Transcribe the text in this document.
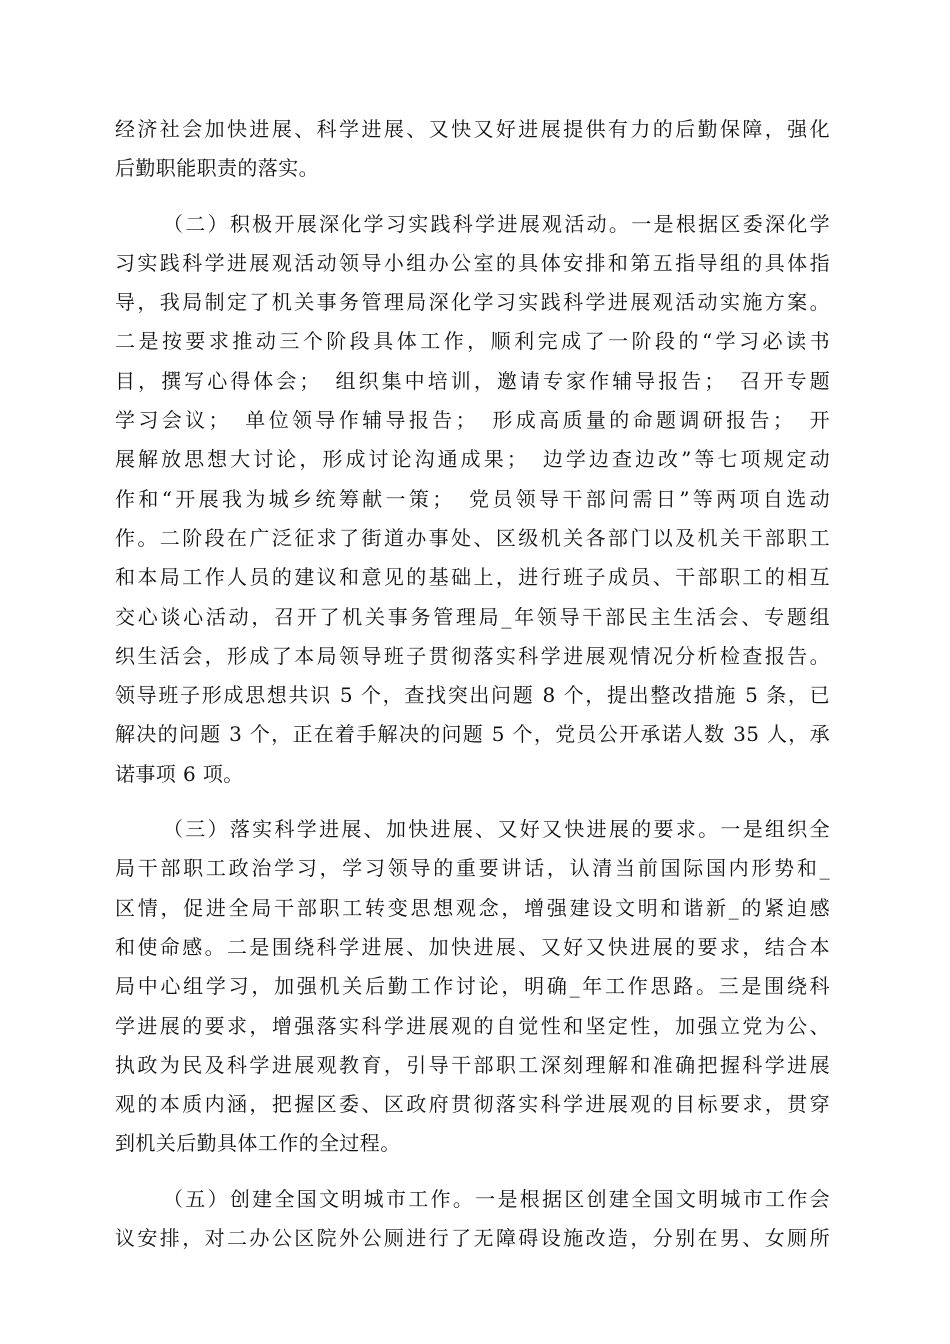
经济社会加快进展、科学进展、又快又好进展提供有力的后勤保障，强化
后勤职能职责的落实。
（二）积极开展深化学习实践科学进展观活动。一是根据区委深化学
习实践科学进展观活动领导小组办公室的具体安排和第五指导组的具体指
导，我局制定了机关事务管理局深化学习实践科学进展观活动实施方案。
二是按要求推动三个阶段具体工作，顺利完成了一阶段的“学习必读书
目，撰写心得体会；　组织集中培训，邀请专家作辅导报告；　召开专题
学习会议；　单位领导作辅导报告；　形成高质量的命题调研报告；　开
展解放思想大讨论，形成讨论沟通成果；　边学边查边改”等七项规定动
作和“开展我为城乡统筹献一策；　党员领导干部问需日”等两项自选动
作。二阶段在广泛征求了街道办事处、区级机关各部门以及机关干部职工
和本局工作人员的建议和意见的基础上，进行班子成员、干部职工的相互
交心谈心活动，召开了机关事务管理局_年领导干部民主生活会、专题组
织生活会，形成了本局领导班子贯彻落实科学进展观情况分析检查报告。
领导班子形成思想共识 5 个，查找突出问题 8 个，提出整改措施 5 条，已
解决的问题 3 个，正在着手解决的问题 5 个，党员公开承诺人数 35 人，承
诺事项 6 项。
（三）落实科学进展、加快进展、又好又快进展的要求。一是组织全
局干部职工政治学习，学习领导的重要讲话，认清当前国际国内形势和_
区情，促进全局干部职工转变思想观念，增强建设文明和谐新_的紧迫感
和使命感。二是围绕科学进展、加快进展、又好又快进展的要求，结合本
局中心组学习，加强机关后勤工作讨论，明确_年工作思路。三是围绕科
学进展的要求，增强落实科学进展观的自觉性和坚定性，加强立党为公、
执政为民及科学进展观教育，引导干部职工深刻理解和准确把握科学进展
观的本质内涵，把握区委、区政府贯彻落实科学进展观的目标要求，贯穿
到机关后勤具体工作的全过程。
（五）创建全国文明城市工作。一是根据区创建全国文明城市工作会
议安排，对二办公区院外公厕进行了无障碍设施改造，分别在男、女厕所
